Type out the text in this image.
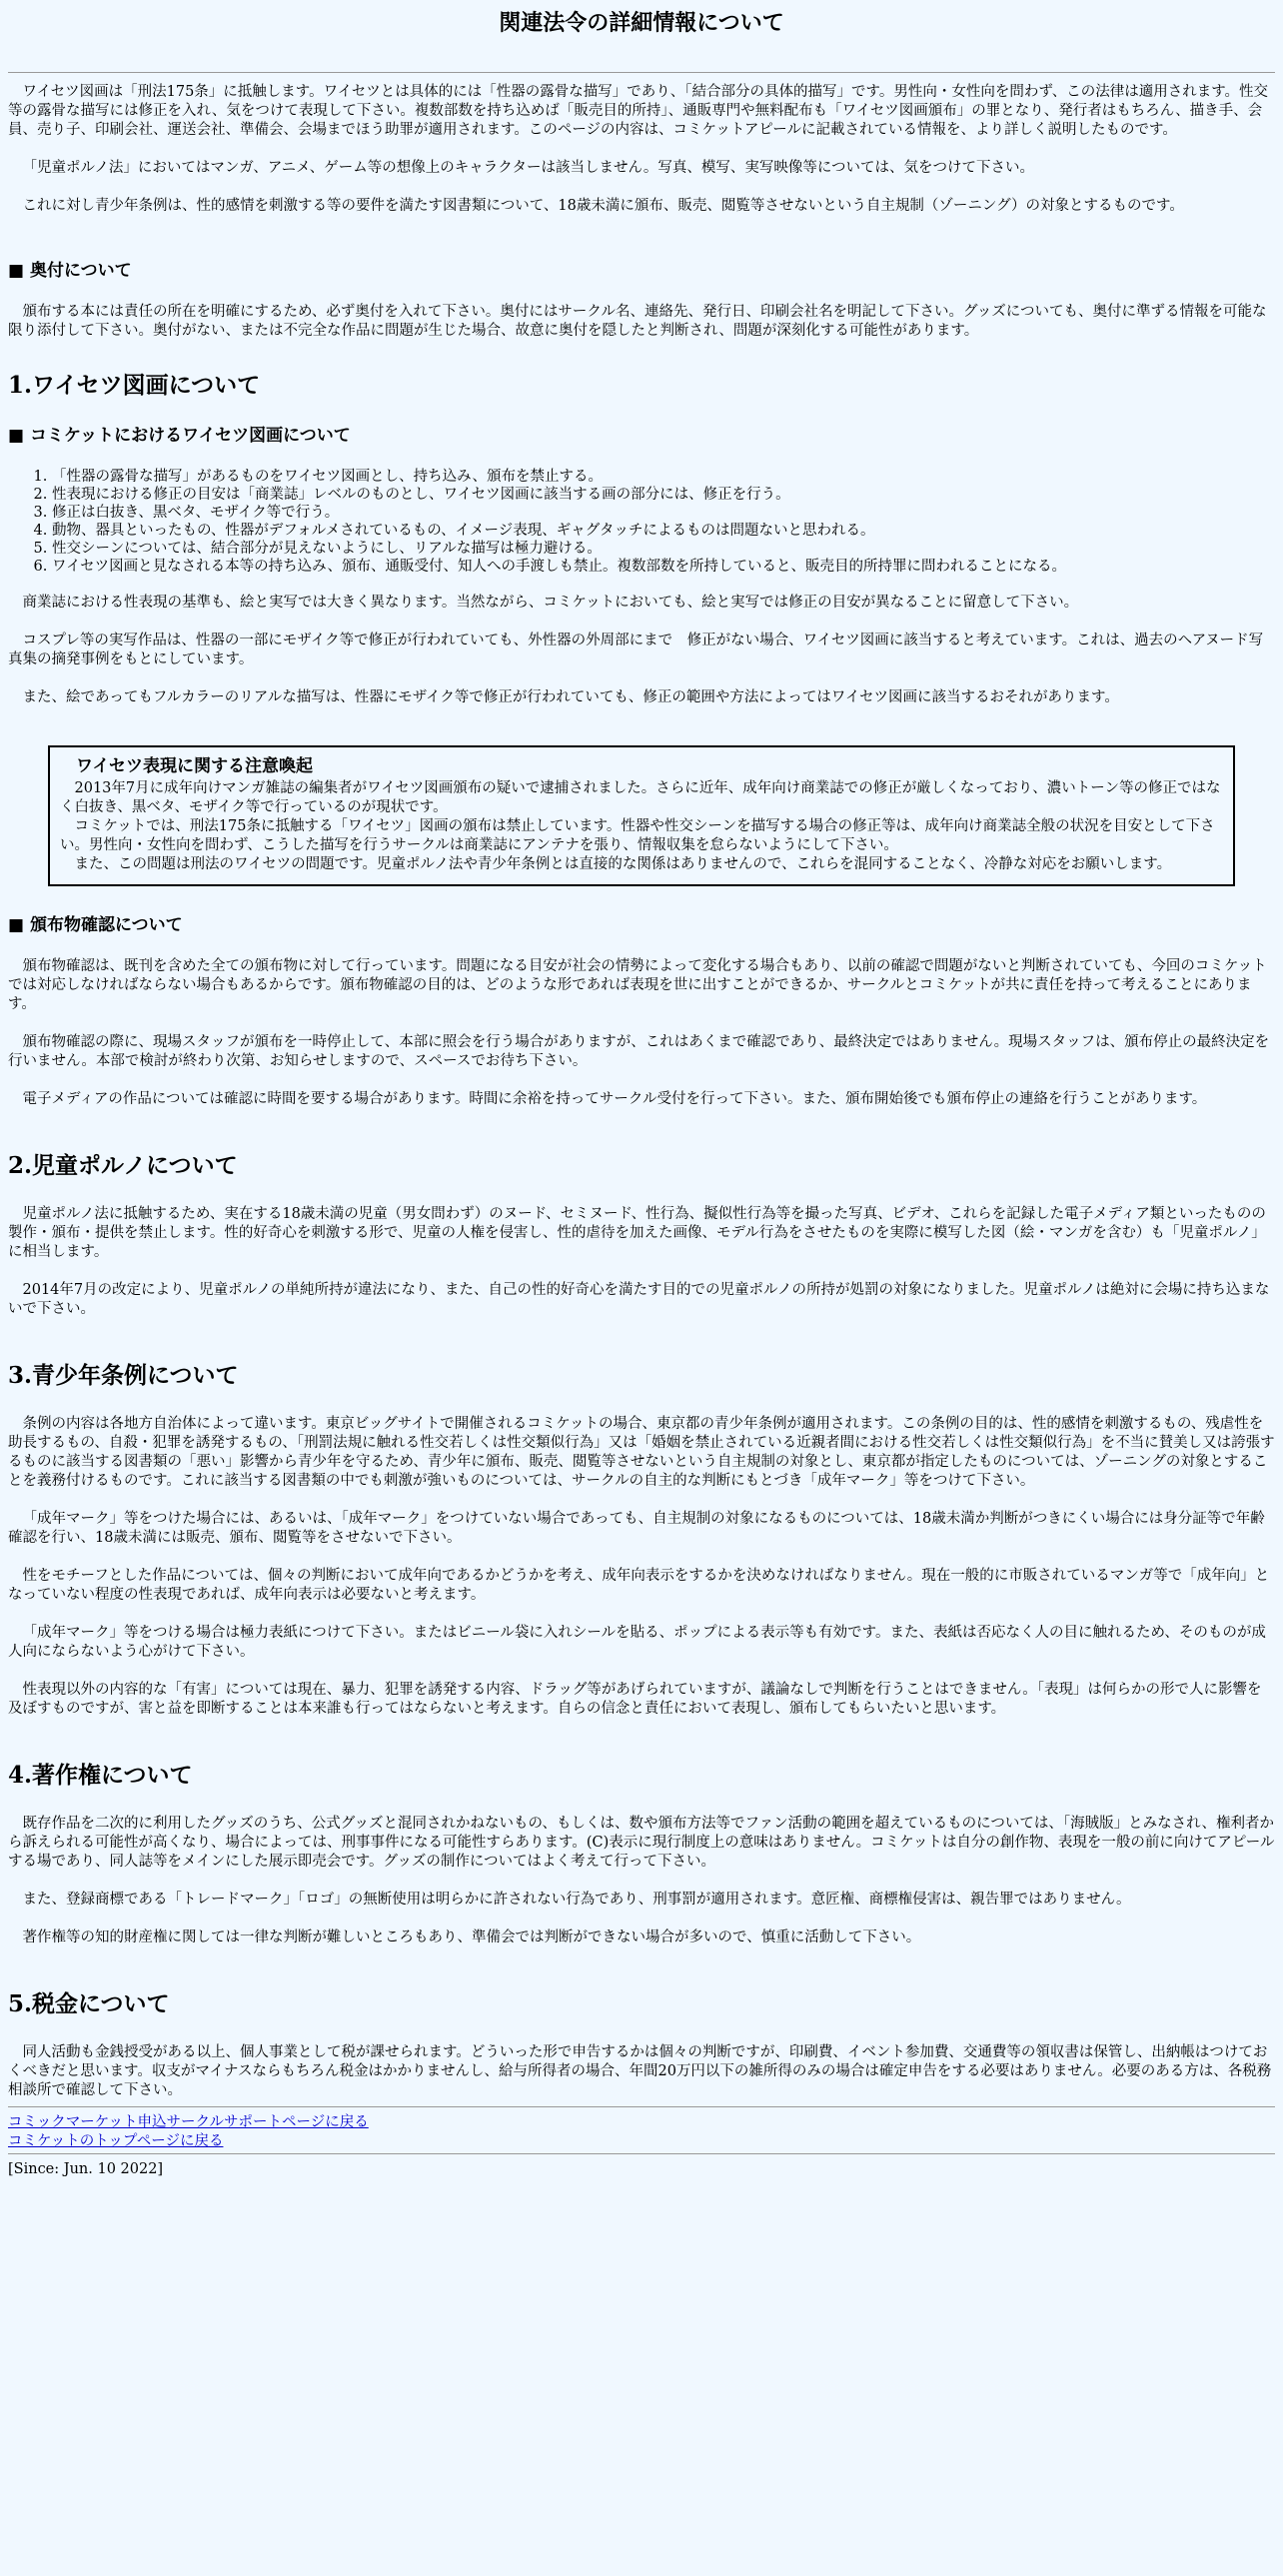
関連法令の詳細情報について

ワイセツ図画は「刑法175条」に抵触します。ワイセツとは具体的には「性器の露骨な描写」であり、「結合部分の具体的描写」です。男性向・女性向を問わず、この法律は適用されます。性交等の露骨な描写には修正を入れ、気をつけて表現して下さい。複数部数を持ち込めば「販売目的所持」、通販専門や無料配布も「ワイセツ図画頒布」の罪となり、発行者はもちろん、描き手、会員、売り子、印刷会社、運送会社、準備会、会場までほう助罪が適用されます。このページの内容は、コミケットアピールに記載されている情報を、より詳しく説明したものです。

「児童ポルノ法」においてはマンガ、アニメ、ゲーム等の想像上のキャラクターは該当しません。写真、模写、実写映像等については、気をつけて下さい。

これに対し青少年条例は、性的感情を刺激する等の要件を満たす図書類について、18歳未満に頒布、販売、閲覧等させないという自主規制（ゾーニング）の対象とするものです。

■ 奥付について

頒布する本には責任の所在を明確にするため、必ず奥付を入れて下さい。奥付にはサークル名、連絡先、発行日、印刷会社名を明記して下さい。グッズについても、奥付に準ずる情報を可能な限り添付して下さい。奥付がない、または不完全な作品に問題が生じた場合、故意に奥付を隠したと判断され、問題が深刻化する可能性があります。

1.ワイセツ図画について
■ コミケットにおけるワイセツ図画について
1. 「性器の露骨な描写」があるものをワイセツ図画とし、持ち込み、頒布を禁止する。
2. 性表現における修正の目安は「商業誌」レベルのものとし、ワイセツ図画に該当する画の部分には、修正を行う。
3. 修正は白抜き、黒ベタ、モザイク等で行う。
4. 動物、器具といったもの、性器がデフォルメされているもの、イメージ表現、ギャグタッチによるものは問題ないと思われる。
5. 性交シーンについては、結合部分が見えないようにし、リアルな描写は極力避ける。
6. ワイセツ図画と見なされる本等の持ち込み、頒布、通販受付、知人への手渡しも禁止。複数部数を所持していると、販売目的所持罪に問われることになる。

商業誌における性表現の基準も、絵と実写では大きく異なります。当然ながら、コミケットにおいても、絵と実写では修正の目安が異なることに留意して下さい。

コスプレ等の実写作品は、性器の一部にモザイク等で修正が行われていても、外性器の外周部にまで　修正がない場合、ワイセツ図画に該当すると考えています。これは、過去のヘアヌード写真集の摘発事例をもとにしています。

また、絵であってもフルカラーのリアルな描写は、性器にモザイク等で修正が行われていても、修正の範囲や方法によってはワイセツ図画に該当するおそれがあります。

ワイセツ表現に関する注意喚起

2013年7月に成年向けマンガ雑誌の編集者がワイセツ図画頒布の疑いで逮捕されました。さらに近年、成年向け商業誌での修正が厳しくなっており、濃いトーン等の修正ではなく白抜き、黒ベタ、モザイク等で行っているのが現状です。

コミケットでは、刑法175条に抵触する「ワイセツ」図画の頒布は禁止しています。性器や性交シーンを描写する場合の修正等は、成年向け商業誌全般の状況を目安として下さい。男性向・女性向を問わず、こうした描写を行うサークルは商業誌にアンテナを張り、情報収集を怠らないようにして下さい。

また、この問題は刑法のワイセツの問題です。児童ポルノ法や青少年条例とは直接的な関係はありませんので、これらを混同することなく、冷静な対応をお願いします。

■ 頒布物確認について

頒布物確認は、既刊を含めた全ての頒布物に対して行っています。問題になる目安が社会の情勢によって変化する場合もあり、以前の確認で問題がないと判断されていても、今回のコミケットでは対応しなければならない場合もあるからです。頒布物確認の目的は、どのような形であれば表現を世に出すことができるか、サークルとコミケットが共に責任を持って考えることにあります。

頒布物確認の際に、現場スタッフが頒布を一時停止して、本部に照会を行う場合がありますが、これはあくまで確認であり、最終決定ではありません。現場スタッフは、頒布停止の最終決定を行いません。本部で検討が終わり次第、お知らせしますので、スペースでお待ち下さい。

電子メディアの作品については確認に時間を要する場合があります。時間に余裕を持ってサークル受付を行って下さい。また、頒布開始後でも頒布停止の連絡を行うことがあります。

2.児童ポルノについて

児童ポルノ法に抵触するため、実在する18歳未満の児童（男女問わず）のヌード、セミヌード、性行為、擬似性行為等を撮った写真、ビデオ、これらを記録した電子メディア類といったものの製作・頒布・提供を禁止します。性的好奇心を刺激する形で、児童の人権を侵害し、性的虐待を加えた画像、モデル行為をさせたものを実際に模写した図（絵・マンガを含む）も「児童ポルノ」に相当します。

2014年7月の改定により、児童ポルノの単純所持が違法になり、また、自己の性的好奇心を満たす目的での児童ポルノの所持が処罰の対象になりました。児童ポルノは絶対に会場に持ち込まないで下さい。

3.青少年条例について

条例の内容は各地方自治体によって違います。東京ビッグサイトで開催されるコミケットの場合、東京都の青少年条例が適用されます。この条例の目的は、性的感情を刺激するもの、残虐性を助長するもの、自殺・犯罪を誘発するもの、「刑罰法規に触れる性交若しくは性交類似行為」又は「婚姻を禁止されている近親者間における性交若しくは性交類似行為」を不当に賛美し又は誇張するものに該当する図書類の「悪い」影響から青少年を守るため、青少年に頒布、販売、閲覧等させないという自主規制の対象とし、東京都が指定したものについては、ゾーニングの対象とすることを義務付けるものです。これに該当する図書類の中でも刺激が強いものについては、サークルの自主的な判断にもとづき「成年マーク」等をつけて下さい。

「成年マーク」等をつけた場合には、あるいは、「成年マーク」をつけていない場合であっても、自主規制の対象になるものについては、18歳未満か判断がつきにくい場合には身分証等で年齢確認を行い、18歳未満には販売、頒布、閲覧等をさせないで下さい。

性をモチーフとした作品については、個々の判断において成年向であるかどうかを考え、成年向表示をするかを決めなければなりません。現在一般的に市販されているマンガ等で「成年向」となっていない程度の性表現であれば、成年向表示は必要ないと考えます。

「成年マーク」等をつける場合は極力表紙につけて下さい。またはビニール袋に入れシールを貼る、ポップによる表示等も有効です。また、表紙は否応なく人の目に触れるため、そのものが成人向にならないよう心がけて下さい。

性表現以外の内容的な「有害」については現在、暴力、犯罪を誘発する内容、ドラッグ等があげられていますが、議論なしで判断を行うことはできません。「表現」は何らかの形で人に影響を及ぼすものですが、害と益を即断することは本来誰も行ってはならないと考えます。自らの信念と責任において表現し、頒布してもらいたいと思います。

4.著作権について

既存作品を二次的に利用したグッズのうち、公式グッズと混同されかねないもの、もしくは、数や頒布方法等でファン活動の範囲を超えているものについては、「海賊版」とみなされ、権利者から訴えられる可能性が高くなり、場合によっては、刑事事件になる可能性すらあります。(C)表示に現行制度上の意味はありません。コミケットは自分の創作物、表現を一般の前に向けてアピールする場であり、同人誌等をメインにした展示即売会です。グッズの制作についてはよく考えて行って下さい。

また、登録商標である「トレードマーク」「ロゴ」の無断使用は明らかに許されない行為であり、刑事罰が適用されます。意匠権、商標権侵害は、親告罪ではありません。

著作権等の知的財産権に関しては一律な判断が難しいところもあり、準備会では判断ができない場合が多いので、慎重に活動して下さい。

5.税金について

同人活動も金銭授受がある以上、個人事業として税が課せられます。どういった形で申告するかは個々の判断ですが、印刷費、イベント参加費、交通費等の領収書は保管し、出納帳はつけておくべきだと思います。収支がマイナスならもちろん税金はかかりませんし、給与所得者の場合、年間20万円以下の雑所得のみの場合は確定申告をする必要はありません。必要のある方は、各税務相談所で確認して下さい。

コミックマーケット申込サークルサポートページに戻る
コミケットのトップページに戻る
[Since: Jun. 10 2022]
